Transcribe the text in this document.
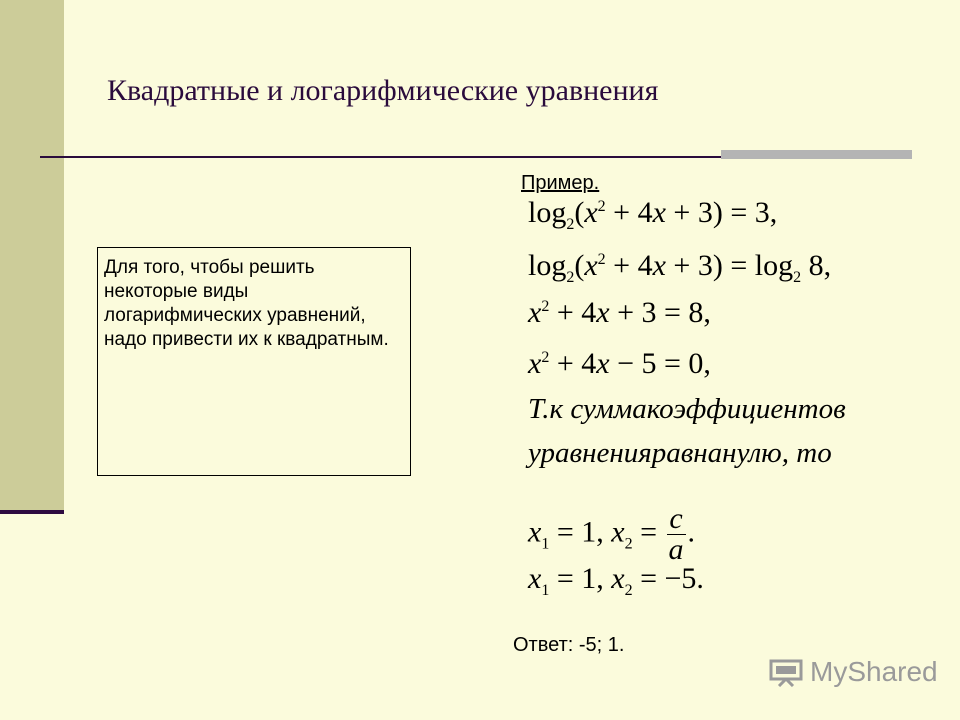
Квадратные и логарифмические уравнения
Для того, чтобы решить некоторые виды логарифмических уравнений, надо привести их к квадратным.
Пример.
$\log_2(x^2 + 4x + 3) = 3$,
$\log_2(x^2 + 4x + 3) = \log_2 8$,
$x^2 + 4x + 3 = 8$,
$x^2 + 4x - 5 = 0$,
Т.к суммакоэффициентов
уравненияравнанулю, то
$x_1 = 1$, $x_2 = \frac{c}{a}$ .
$x_1 = 1$, $x_2 = -5$.
Ответ: -5; 1.
MyShared
